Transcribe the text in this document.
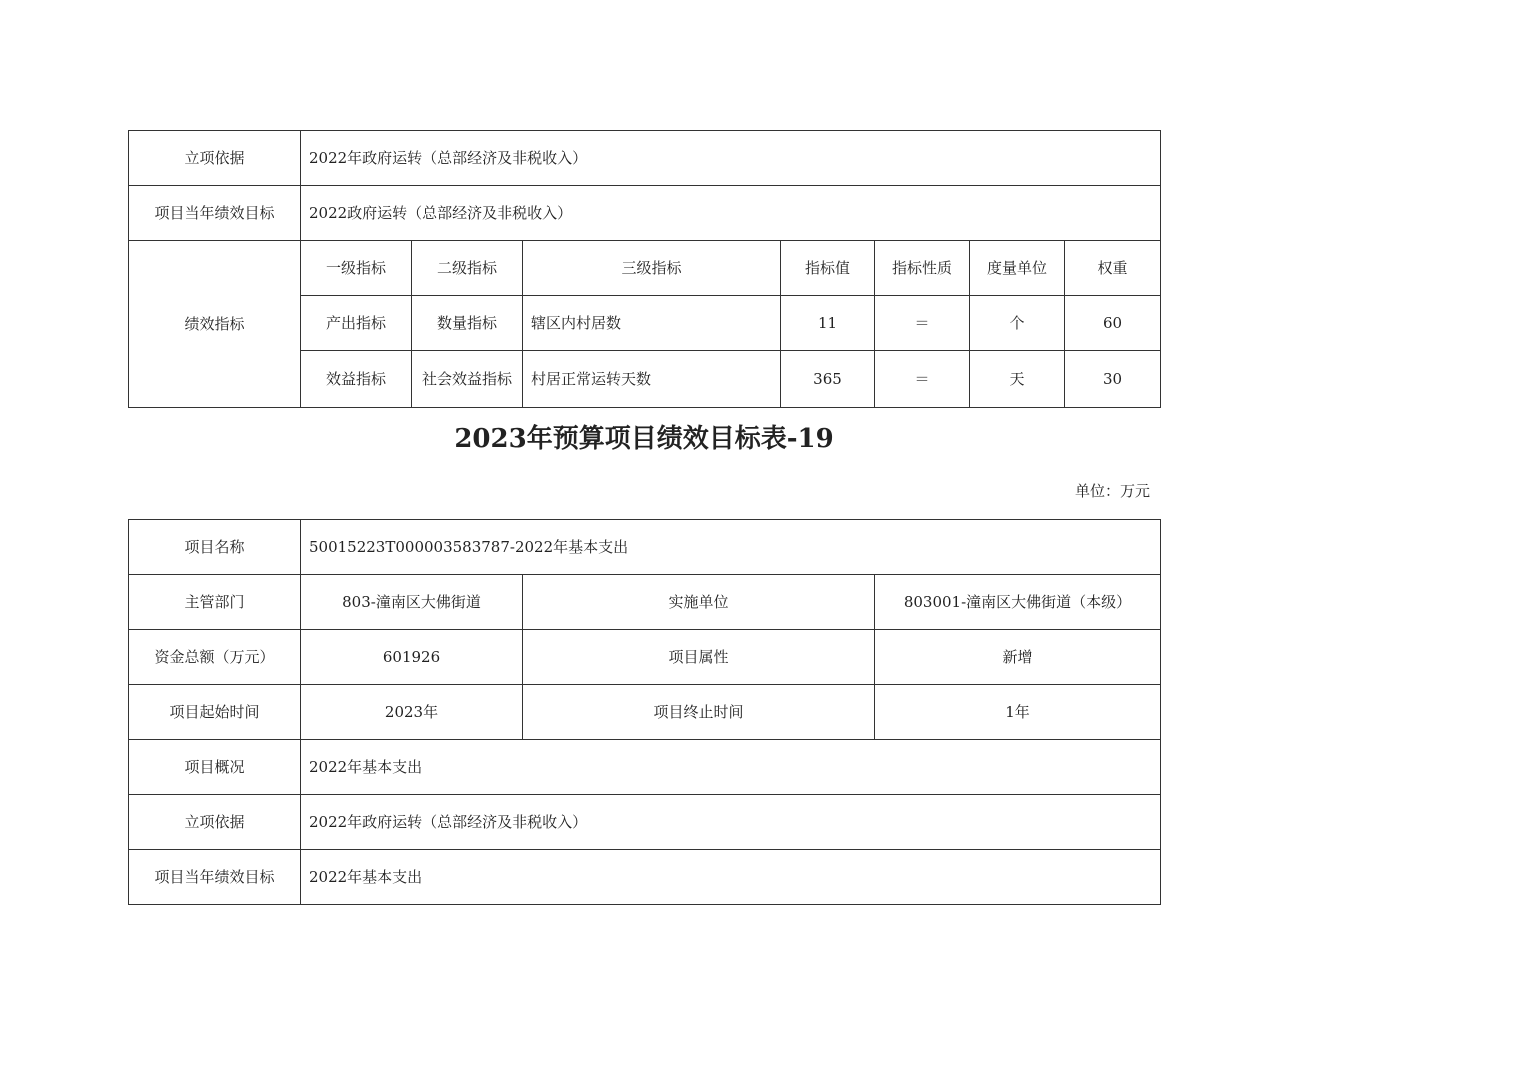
立项依据	2022年政府运转（总部经济及非税收入）						
项目当年绩效目标	2022政府运转（总部经济及非税收入）						
绩效指标	一级指标	二级指标	三级指标	指标值	指标性质	度量单位	权重
	产出指标	数量指标	辖区内村居数	11	＝	个	60
	效益指标	社会效益指标	村居正常运转天数	365	＝	天	30
2023年预算项目绩效目标表-19
单位：万元
项目名称	50015223T000003583787-2022年基本支出		
主管部门	803-潼南区大佛街道	实施单位	803001-潼南区大佛街道（本级）
资金总额（万元）	601926	项目属性	新增
项目起始时间	2023年	项目终止时间	1年
项目概况	2022年基本支出		
立项依据	2022年政府运转（总部经济及非税收入）		
项目当年绩效目标	2022年基本支出		
